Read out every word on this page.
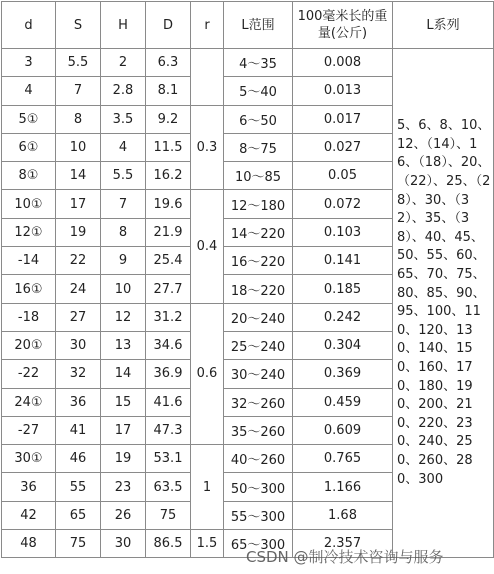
d	S	H	D	r	L范围	100毫米长的重量(公斤)	L系列
3	5.5	2	6.3		4～35	0.008	5、6、8、10、12、（14）、16、（18）、20、（22）、25、（28）、30、（32）、35、（38）、40、45、50、55、60、65、70、75、80、85、90、95、100、110、120、130、140、150、160、170、180、190、200、210、220、230、240、250、260、280、300
4	7	2.8	8.1		5～40	0.013	
5①	8	3.5	9.2	0.3	6～50	0.017	
6①	10	4	11.5		8～75	0.027	
8①	14	5.5	16.2		10～85	0.05	
10①	17	7	19.6	0.4	12～180	0.072	
12①	19	8	21.9		14～220	0.103	
-14	22	9	25.4		16～220	0.141	
16①	24	10	27.7		18～220	0.185	
-18	27	12	31.2	0.6	20～240	0.242	
20①	30	13	34.6		25～240	0.304	
-22	32	14	36.9		30～240	0.369	
24①	36	15	41.6		32～260	0.459	
-27	41	17	47.3		35～260	0.609	
30①	46	19	53.1	1	40～260	0.765	
36	55	23	63.5		50～300	1.166	
42	65	26	75		55～300	1.68	
48	75	30	86.5	1.5	65～300	2.357	
CSDN @制冷技术咨询与服务
